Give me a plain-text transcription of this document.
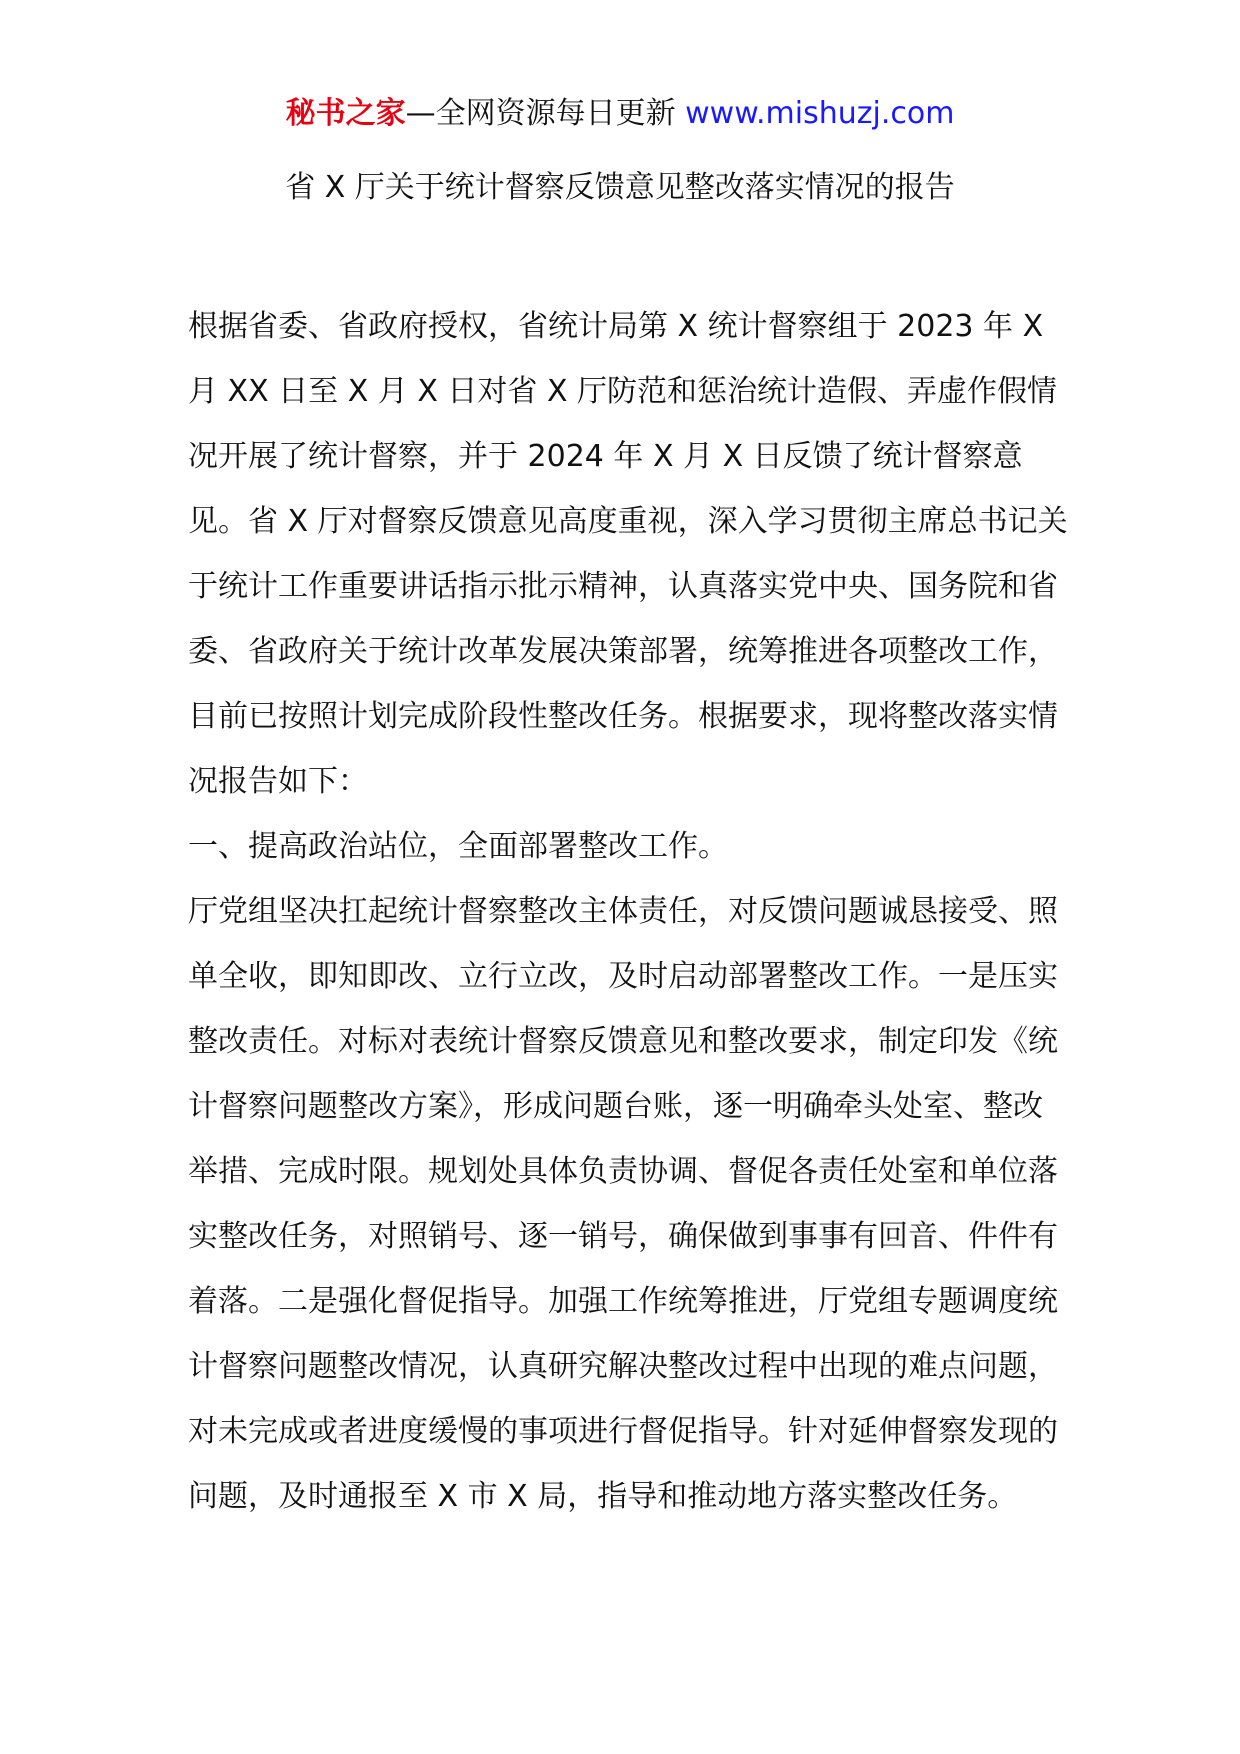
秘书之家—全网资源每日更新 www.mishuzj.com
省 X 厅关于统计督察反馈意见整改落实情况的报告

根据省委、省政府授权，省统计局第 X 统计督察组于 2023 年 X 月 XX 日至 X 月 X 日对省 X 厅防范和惩治统计造假、弄虚作假情况开展了统计督察，并于 2024 年 X 月 X 日反馈了统计督察意见。省 X 厅对督察反馈意见高度重视，深入学习贯彻主席总书记关于统计工作重要讲话指示批示精神，认真落实党中央、国务院和省委、省政府关于统计改革发展决策部署，统筹推进各项整改工作，目前已按照计划完成阶段性整改任务。根据要求，现将整改落实情况报告如下：

一、提高政治站位，全面部署整改工作。

厅党组坚决扛起统计督察整改主体责任，对反馈问题诚恳接受、照单全收，即知即改、立行立改，及时启动部署整改工作。一是压实整改责任。对标对表统计督察反馈意见和整改要求，制定印发《统计督察问题整改方案》，形成问题台账，逐一明确牵头处室、整改举措、完成时限。规划处具体负责协调、督促各责任处室和单位落实整改任务，对照销号、逐一销号，确保做到事事有回音、件件有着落。二是强化督促指导。加强工作统筹推进，厅党组专题调度统计督察问题整改情况，认真研究解决整改过程中出现的难点问题，对未完成或者进度缓慢的事项进行督促指导。针对延伸督察发现的问题，及时通报至 X 市 X 局，指导和推动地方落实整改任务。
